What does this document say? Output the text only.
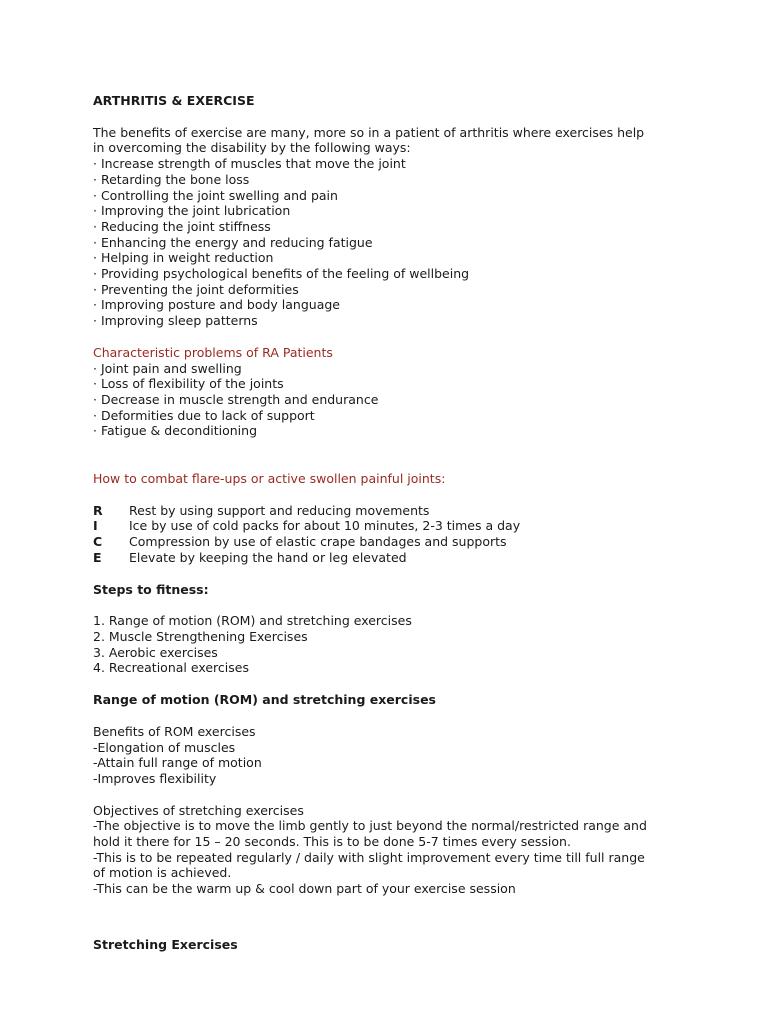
ARTHRITIS & EXERCISE

The benefits of exercise are many, more so in a patient of arthritis where exercises help

in overcoming the disability by the following ways:

· Increase strength of muscles that move the joint
· Retarding the bone loss
· Controlling the joint swelling and pain
· Improving the joint lubrication
· Reducing the joint stiffness
· Enhancing the energy and reducing fatigue
· Helping in weight reduction
· Providing psychological benefits of the feeling of wellbeing
· Preventing the joint deformities
· Improving posture and body language
· Improving sleep patterns

Characteristic problems of RA Patients

· Joint pain and swelling
· Loss of flexibility of the joints
· Decrease in muscle strength and endurance
· Deformities due to lack of support
· Fatigue & deconditioning

How to combat flare-ups or active swollen painful joints:

R	Rest by using support and reducing movements
I	Ice by use of cold packs for about 10 minutes, 2-3 times a day
C	Compression by use of elastic crape bandages and supports
E	Elevate by keeping the hand or leg elevated

Steps to fitness:

1. Range of motion (ROM) and stretching exercises
2. Muscle Strengthening Exercises
3. Aerobic exercises
4. Recreational exercises

Range of motion (ROM) and stretching exercises

Benefits of ROM exercises

-Elongation of muscles
-Attain full range of motion
-Improves flexibility

Objectives of stretching exercises

-The objective is to move the limb gently to just beyond the normal/restricted range and

hold it there for 15 – 20 seconds. This is to be done 5-7 times every session.

-This is to be repeated regularly / daily with slight improvement every time till full range

of motion is achieved.

-This can be the warm up & cool down part of your exercise session

Stretching Exercises
